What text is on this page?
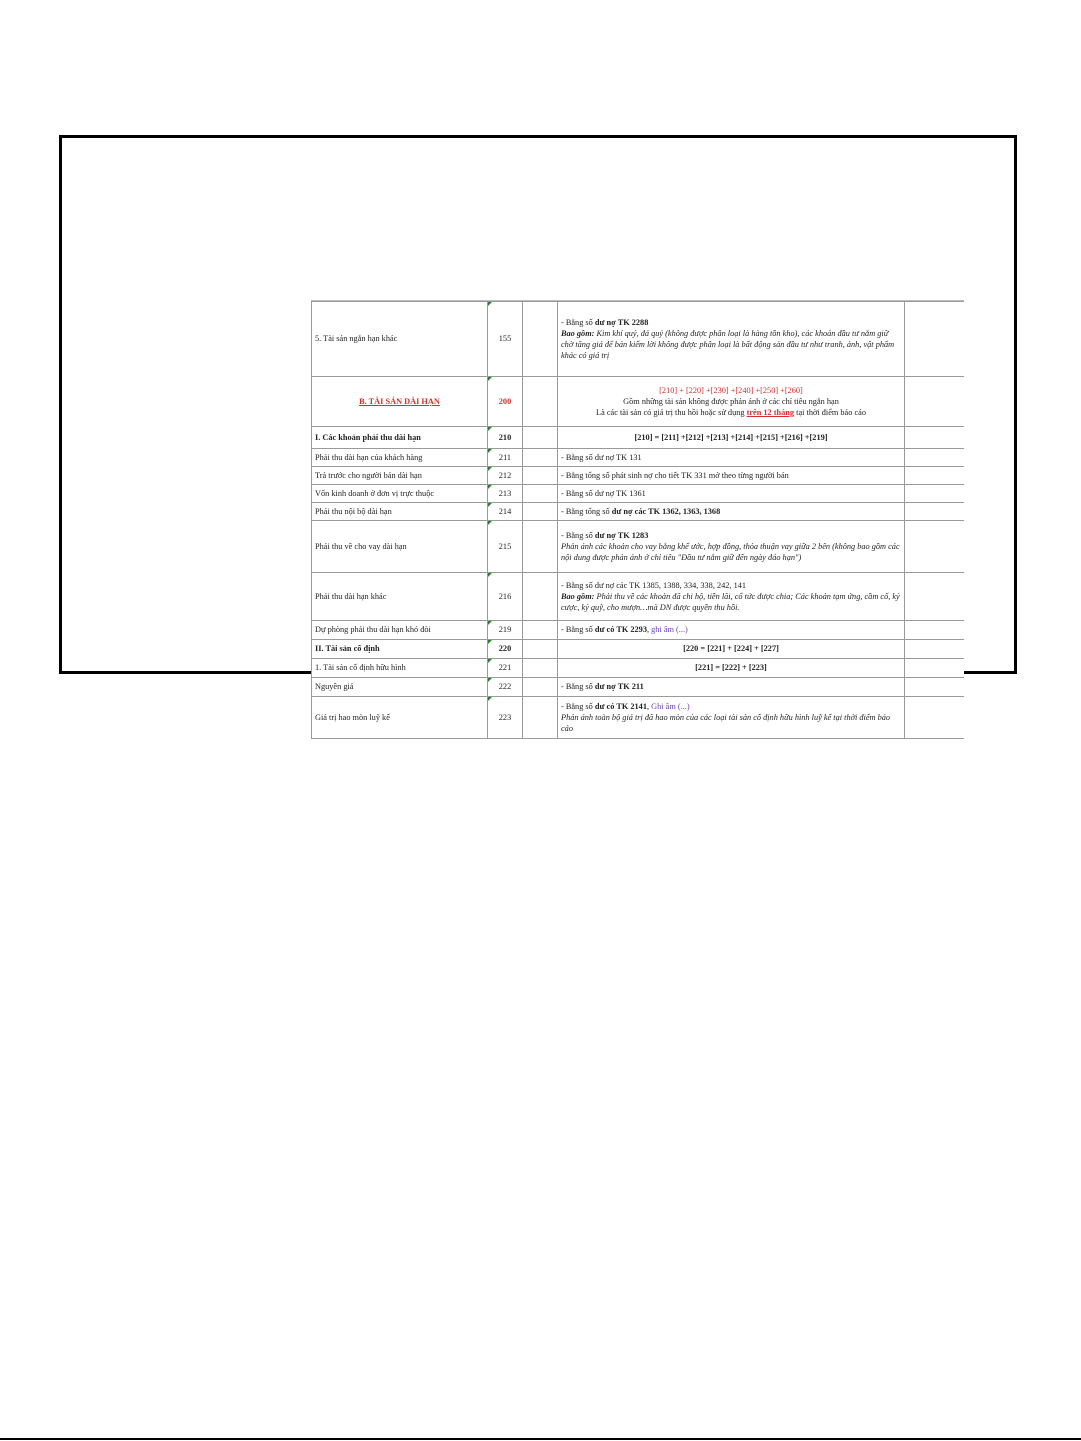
5. Tài sản ngắn hạn khác	155		- Bằng số dư nợ TK 2288
Bao gồm: Kim khí quý, đá quý (không được phân loại là hàng tồn kho), các khoản đầu tư nắm giữ chờ tăng giá để bán kiếm lời không được phân loại là bất động sản đầu tư như tranh, ảnh, vật phẩm khác có giá trị	

B. TÀI SẢN DÀI HẠN	200		[210] + [220] +[230] +[240] +[250] +[260]
Gồm những tài sản không được phản ánh ở các chỉ tiêu ngắn hạn
Là các tài sản có giá trị thu hồi hoặc sử dụng trên 12 tháng tại thời điểm báo cáo	

I. Các khoản phải thu dài hạn	210		[210] = [211] +[212] +[213] +[214] +[215] +[216] +[219]	
Phải thu dài hạn của khách hàng	211		- Bằng số dư nợ TK 131	
Trả trước cho người bán dài hạn	212		- Bằng tổng số phát sinh nợ cho tiết TK 331 mở theo từng người bán	
Vốn kinh doanh ở đơn vị trực thuộc	213		- Bằng số dư nợ TK 1361	
Phải thu nội bộ dài hạn	214		- Bằng tổng số dư nợ các TK 1362, 1363, 1368	
Phải thu về cho vay dài hạn	215		- Bằng số dư nợ TK 1283
Phản ánh các khoản cho vay bằng khế ước, hợp đồng, thỏa thuận vay giữa 2 bên (không bao gồm các nội dung được phản ánh ở chỉ tiêu "Đầu tư nắm giữ đến ngày đáo hạn")	

Phải thu dài hạn khác	216		- Bằng số dư nợ các TK 1385, 1388, 334, 338, 242, 141
Bao gồm: Phải thu về các khoản đã chi hộ, tiền lãi, cổ tức được chia; Các khoản tạm ứng, cầm cố, ký cược, ký quỹ, cho mượn…mà DN được quyền thu hồi.	

Dự phòng phải thu dài hạn khó đòi	219		- Bằng số dư có TK 2293, ghi âm (...)	
II. Tài sản cố định	220		[220 = [221] + [224] + [227]	
1. Tài sản cố định hữu hình	221		[221] = [222] + [223]	
Nguyên giá	222		- Bằng số dư nợ TK 211	
Giá trị hao mòn luỹ kế	223		- Bằng số dư có TK 2141, Ghi âm (...)
Phản ánh toàn bộ giá trị đã hao mòn của các loại tài sản cố định hữu hình luỹ kế tại thời điểm báo cáo	
